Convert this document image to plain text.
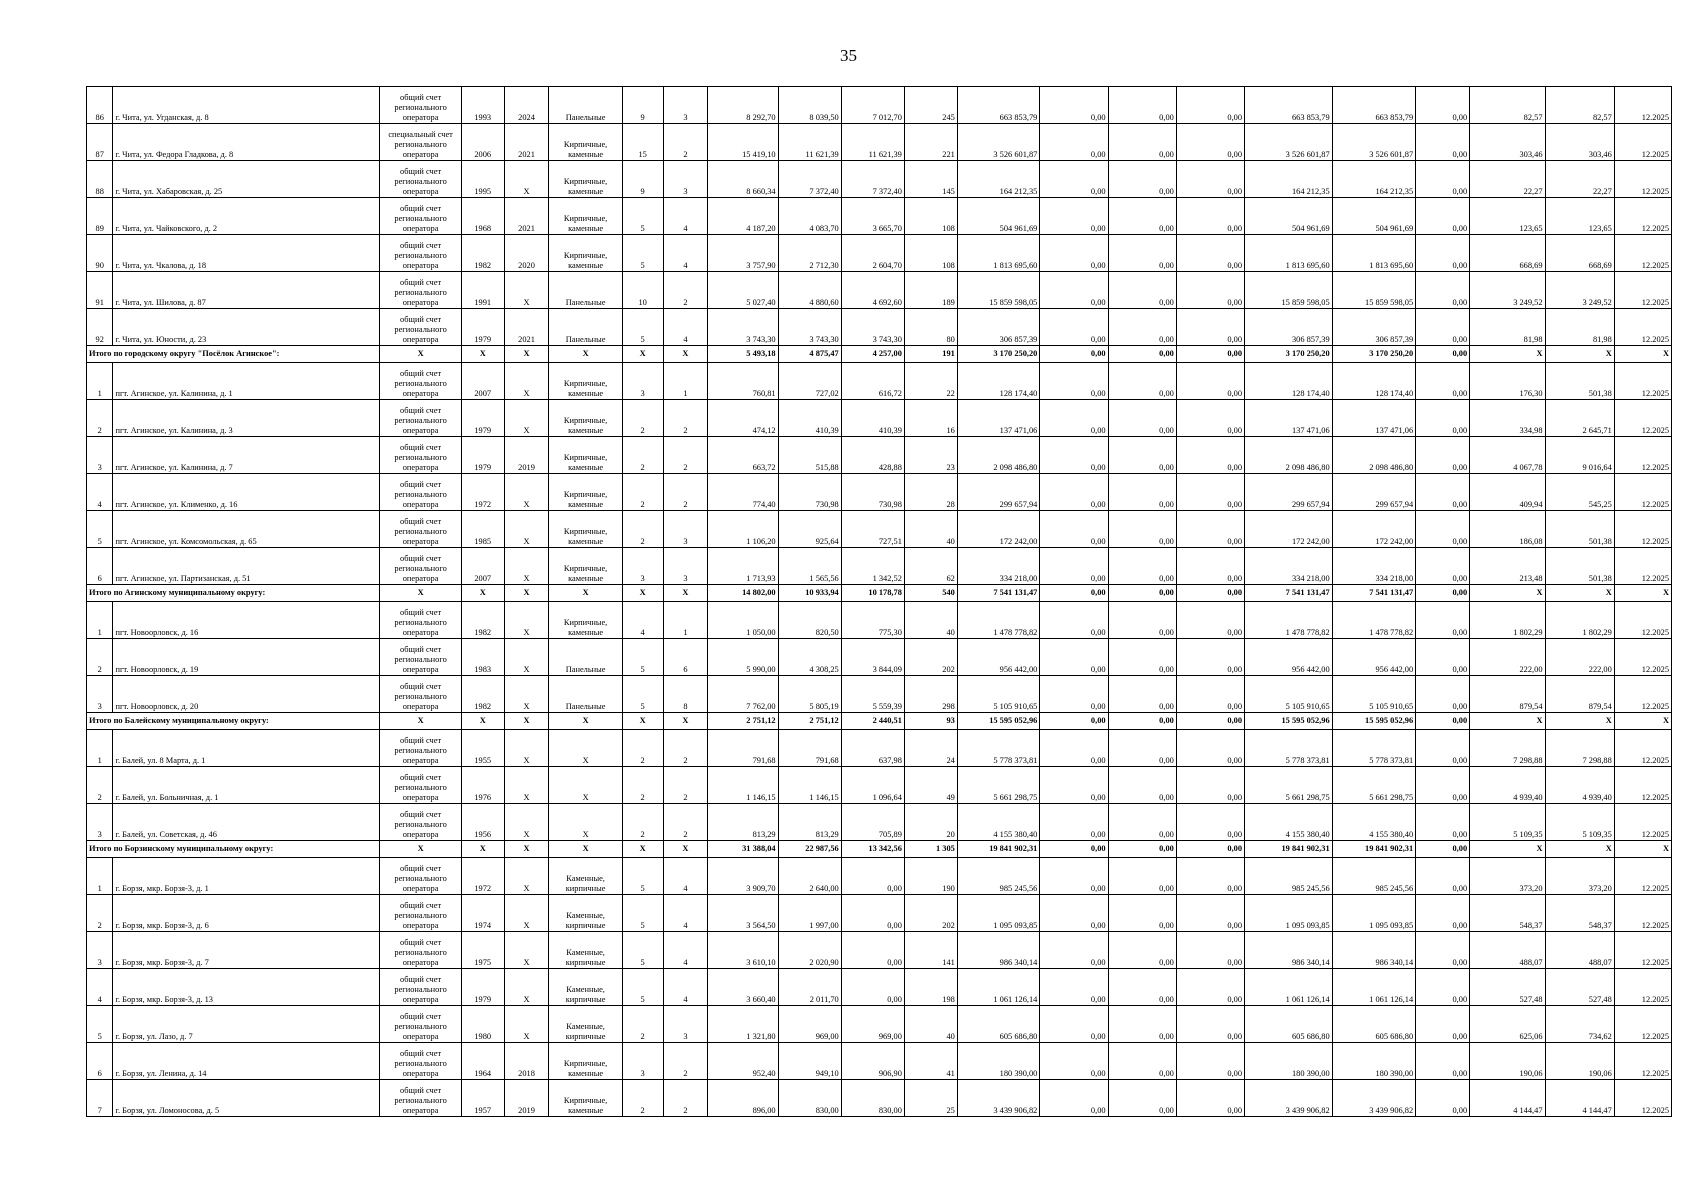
35
86	г. Чита, ул. Угданская, д. 8	общий счет
регионального
оператора	1993	2024	Панельные	9	3	8 292,70	8 039,50	7 012,70	245	663 853,79	0,00	0,00	0,00	663 853,79	663 853,79	0,00	82,57	82,57	12.2025
87	г. Чита, ул. Федора Гладкова, д. 8	специальный счет
регионального
оператора	2006	2021	Кирпичные,
каменные	15	2	15 419,10	11 621,39	11 621,39	221	3 526 601,87	0,00	0,00	0,00	3 526 601,87	3 526 601,87	0,00	303,46	303,46	12.2025
88	г. Чита, ул. Хабаровская, д. 25	общий счет
регионального
оператора	1995	X	Кирпичные,
каменные	9	3	8 660,34	7 372,40	7 372,40	145	164 212,35	0,00	0,00	0,00	164 212,35	164 212,35	0,00	22,27	22,27	12.2025
89	г. Чита, ул. Чайковского, д. 2	общий счет
регионального
оператора	1968	2021	Кирпичные,
каменные	5	4	4 187,20	4 083,70	3 665,70	108	504 961,69	0,00	0,00	0,00	504 961,69	504 961,69	0,00	123,65	123,65	12.2025
90	г. Чита, ул. Чкалова, д. 18	общий счет
регионального
оператора	1982	2020	Кирпичные,
каменные	5	4	3 757,90	2 712,30	2 604,70	108	1 813 695,60	0,00	0,00	0,00	1 813 695,60	1 813 695,60	0,00	668,69	668,69	12.2025
91	г. Чита, ул. Шилова, д. 87	общий счет
регионального
оператора	1991	X	Панельные	10	2	5 027,40	4 880,60	4 692,60	189	15 859 598,05	0,00	0,00	0,00	15 859 598,05	15 859 598,05	0,00	3 249,52	3 249,52	12.2025
92	г. Чита, ул. Юности, д. 23	общий счет
регионального
оператора	1979	2021	Панельные	5	4	3 743,30	3 743,30	3 743,30	80	306 857,39	0,00	0,00	0,00	306 857,39	306 857,39	0,00	81,98	81,98	12.2025
Итого по городскому округу "Посёлок Агинское":		X	X	X	X	X	X	5 493,18	4 875,47	4 257,00	191	3 170 250,20	0,00	0,00	0,00	3 170 250,20	3 170 250,20	0,00	X	X	X
1	пгт. Агинское, ул. Калинина, д. 1	общий счет
регионального
оператора	2007	X	Кирпичные,
каменные	3	1	760,81	727,02	616,72	22	128 174,40	0,00	0,00	0,00	128 174,40	128 174,40	0,00	176,30	501,38	12.2025
2	пгт. Агинское, ул. Калинина, д. 3	общий счет
регионального
оператора	1979	X	Кирпичные,
каменные	2	2	474,12	410,39	410,39	16	137 471,06	0,00	0,00	0,00	137 471,06	137 471,06	0,00	334,98	2 645,71	12.2025
3	пгт. Агинское, ул. Калинина, д. 7	общий счет
регионального
оператора	1979	2019	Кирпичные,
каменные	2	2	663,72	515,88	428,88	23	2 098 486,80	0,00	0,00	0,00	2 098 486,80	2 098 486,80	0,00	4 067,78	9 016,64	12.2025
4	пгт. Агинское, ул. Клименко, д. 16	общий счет
регионального
оператора	1972	X	Кирпичные,
каменные	2	2	774,40	730,98	730,98	28	299 657,94	0,00	0,00	0,00	299 657,94	299 657,94	0,00	409,94	545,25	12.2025
5	пгт. Агинское, ул. Комсомольская, д. 65	общий счет
регионального
оператора	1985	X	Кирпичные,
каменные	2	3	1 106,20	925,64	727,51	40	172 242,00	0,00	0,00	0,00	172 242,00	172 242,00	0,00	186,08	501,38	12.2025
6	пгт. Агинское, ул. Партизанская, д. 51	общий счет
регионального
оператора	2007	X	Кирпичные,
каменные	3	3	1 713,93	1 565,56	1 342,52	62	334 218,00	0,00	0,00	0,00	334 218,00	334 218,00	0,00	213,48	501,38	12.2025
Итого по Агинскому муниципальному округу:		X	X	X	X	X	X	14 802,00	10 933,94	10 178,78	540	7 541 131,47	0,00	0,00	0,00	7 541 131,47	7 541 131,47	0,00	X	X	X
1	пгт. Новоорловск, д. 16	общий счет
регионального
оператора	1982	X	Кирпичные,
каменные	4	1	1 050,00	820,50	775,30	40	1 478 778,82	0,00	0,00	0,00	1 478 778,82	1 478 778,82	0,00	1 802,29	1 802,29	12.2025
2	пгт. Новоорловск, д. 19	общий счет
регионального
оператора	1983	X	Панельные	5	6	5 990,00	4 308,25	3 844,09	202	956 442,00	0,00	0,00	0,00	956 442,00	956 442,00	0,00	222,00	222,00	12.2025
3	пгт. Новоорловск, д. 20	общий счет
регионального
оператора	1982	X	Панельные	5	8	7 762,00	5 805,19	5 559,39	298	5 105 910,65	0,00	0,00	0,00	5 105 910,65	5 105 910,65	0,00	879,54	879,54	12.2025
Итого по Балейскому муниципальному округу:		X	X	X	X	X	X	2 751,12	2 751,12	2 440,51	93	15 595 052,96	0,00	0,00	0,00	15 595 052,96	15 595 052,96	0,00	X	X	X
1	г. Балей, ул. 8 Марта, д. 1	общий счет
регионального
оператора	1955	X	X	2	2	791,68	791,68	637,98	24	5 778 373,81	0,00	0,00	0,00	5 778 373,81	5 778 373,81	0,00	7 298,88	7 298,88	12.2025
2	г. Балей, ул. Больничная, д. 1	общий счет
регионального
оператора	1976	X	X	2	2	1 146,15	1 146,15	1 096,64	49	5 661 298,75	0,00	0,00	0,00	5 661 298,75	5 661 298,75	0,00	4 939,40	4 939,40	12.2025
3	г. Балей, ул. Советская, д. 46	общий счет
регионального
оператора	1956	X	X	2	2	813,29	813,29	705,89	20	4 155 380,40	0,00	0,00	0,00	4 155 380,40	4 155 380,40	0,00	5 109,35	5 109,35	12.2025
Итого по Борзинскому муниципальному округу:		X	X	X	X	X	X	31 388,04	22 987,56	13 342,56	1 305	19 841 902,31	0,00	0,00	0,00	19 841 902,31	19 841 902,31	0,00	X	X	X
1	г. Борзя, мкр. Борзя-3, д. 1	общий счет
регионального
оператора	1972	X	Каменные,
кирпичные	5	4	3 909,70	2 640,00	0,00	190	985 245,56	0,00	0,00	0,00	985 245,56	985 245,56	0,00	373,20	373,20	12.2025
2	г. Борзя, мкр. Борзя-3, д. 6	общий счет
регионального
оператора	1974	X	Каменные,
кирпичные	5	4	3 564,50	1 997,00	0,00	202	1 095 093,85	0,00	0,00	0,00	1 095 093,85	1 095 093,85	0,00	548,37	548,37	12.2025
3	г. Борзя, мкр. Борзя-3, д. 7	общий счет
регионального
оператора	1975	X	Каменные,
кирпичные	5	4	3 610,10	2 020,90	0,00	141	986 340,14	0,00	0,00	0,00	986 340,14	986 340,14	0,00	488,07	488,07	12.2025
4	г. Борзя, мкр. Борзя-3, д. 13	общий счет
регионального
оператора	1979	X	Каменные,
кирпичные	5	4	3 660,40	2 011,70	0,00	198	1 061 126,14	0,00	0,00	0,00	1 061 126,14	1 061 126,14	0,00	527,48	527,48	12.2025
5	г. Борзя, ул. Лазо, д. 7	общий счет
регионального
оператора	1980	X	Каменные,
кирпичные	2	3	1 321,80	969,00	969,00	40	605 686,80	0,00	0,00	0,00	605 686,80	605 686,80	0,00	625,06	734,62	12.2025
6	г. Борзя, ул. Ленина, д. 14	общий счет
регионального
оператора	1964	2018	Кирпичные,
каменные	3	2	952,40	949,10	906,90	41	180 390,00	0,00	0,00	0,00	180 390,00	180 390,00	0,00	190,06	190,06	12.2025
7	г. Борзя, ул. Ломоносова, д. 5	общий счет
регионального
оператора	1957	2019	Кирпичные,
каменные	2	2	896,00	830,00	830,00	25	3 439 906,82	0,00	0,00	0,00	3 439 906,82	3 439 906,82	0,00	4 144,47	4 144,47	12.2025
